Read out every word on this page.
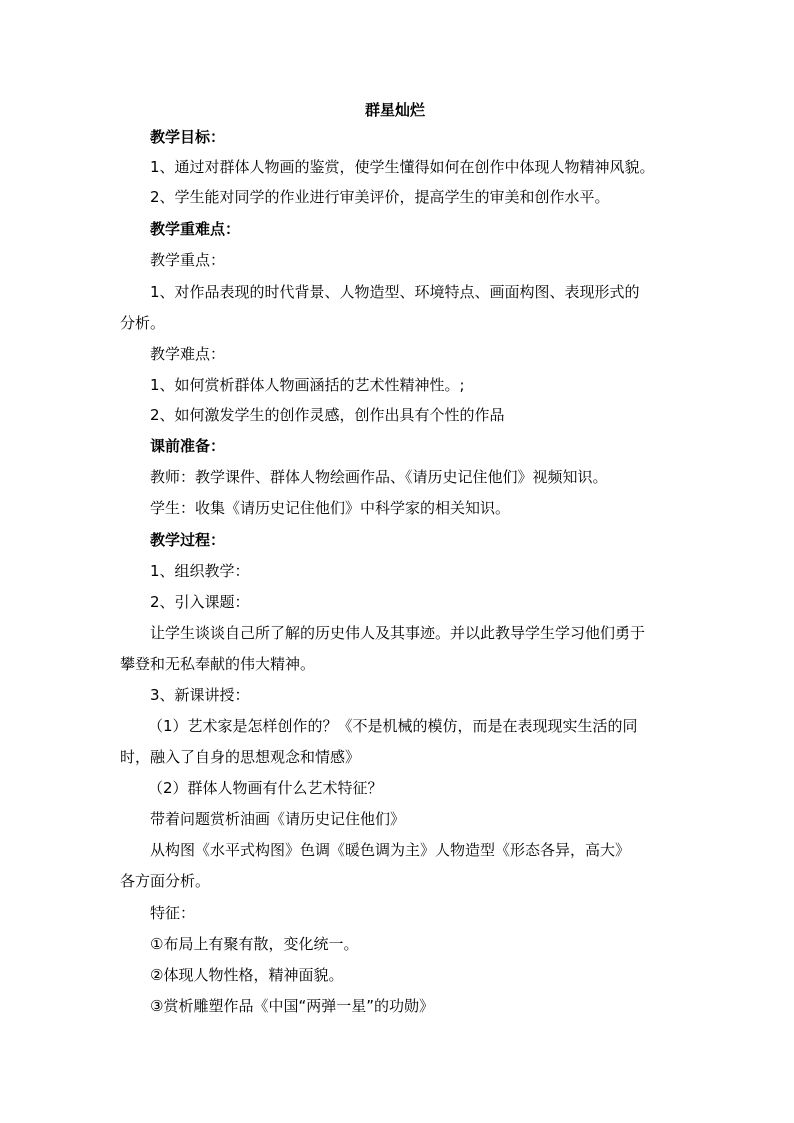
群星灿烂
教学目标：
1、通过对群体人物画的鉴赏，使学生懂得如何在创作中体现人物精神风貌。
2、学生能对同学的作业进行审美评价，提高学生的审美和创作水平。
教学重难点：
教学重点：
1、对作品表现的时代背景、人物造型、环境特点、画面构图、表现形式的
分析。
教学难点：
1、如何赏析群体人物画涵括的艺术性精神性。;
2、如何激发学生的创作灵感，创作出具有个性的作品
课前准备：
教师：教学课件、群体人物绘画作品、《请历史记住他们》视频知识。
学生：收集《请历史记住他们》中科学家的相关知识。
教学过程：
1、组织教学：
2、引入课题：
让学生谈谈自己所了解的历史伟人及其事迹。并以此教导学生学习他们勇于
攀登和无私奉献的伟大精神。
3、新课讲授：
（1）艺术家是怎样创作的？《不是机械的模仿，而是在表现现实生活的同
时，融入了自身的思想观念和情感》
（2）群体人物画有什么艺术特征？
带着问题赏析油画《请历史记住他们》
从构图《水平式构图》色调《暖色调为主》人物造型《形态各异，高大》
各方面分析。
特征：
①布局上有聚有散，变化统一。
②体现人物性格，精神面貌。
③赏析雕塑作品《中国“两弹一星”的功勋》
